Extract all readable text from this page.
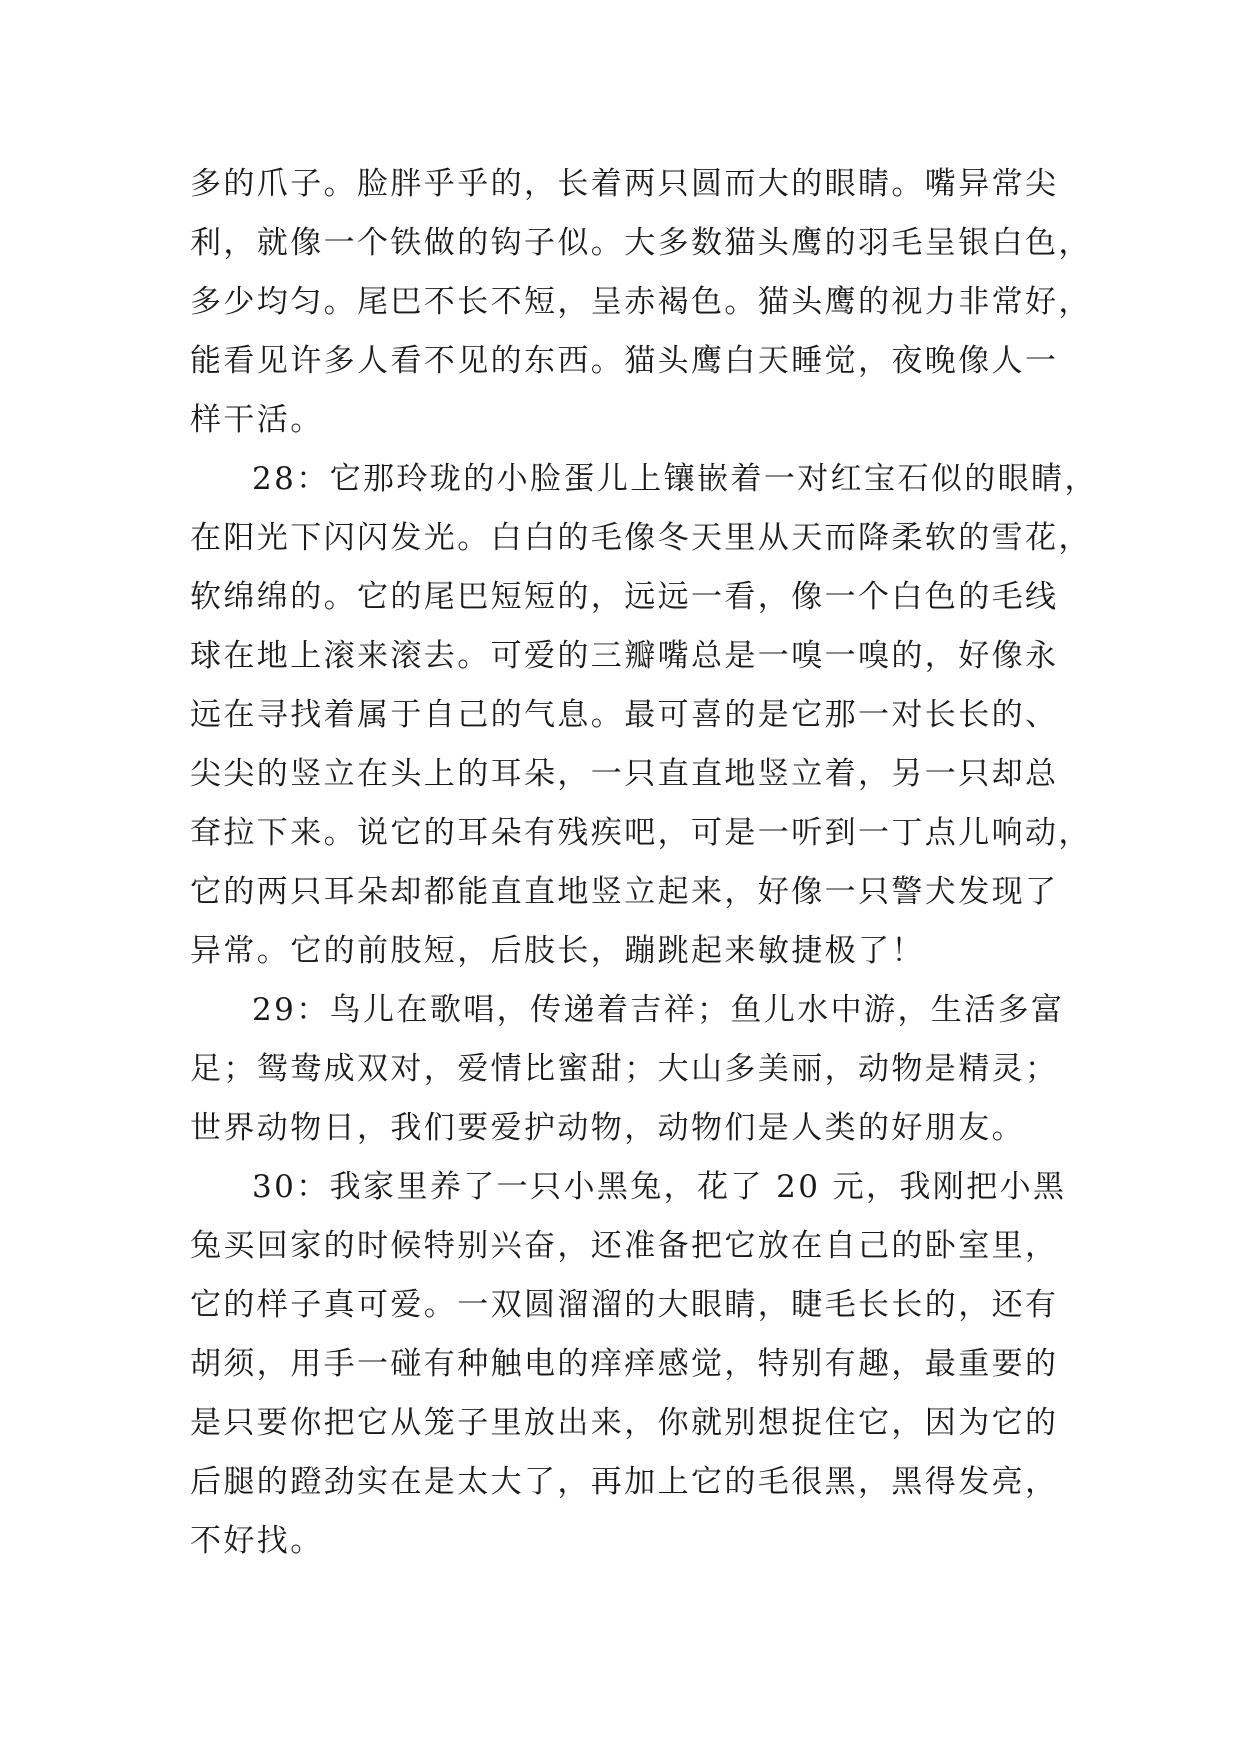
多的爪子。脸胖乎乎的，长着两只圆而大的眼睛。嘴异常尖
利，就像一个铁做的钩子似。大多数猫头鹰的羽毛呈银白色，
多少均匀。尾巴不长不短，呈赤褐色。猫头鹰的视力非常好，
能看见许多人看不见的东西。猫头鹰白天睡觉，夜晚像人一
样干活。
28：它那玲珑的小脸蛋儿上镶嵌着一对红宝石似的眼睛，
在阳光下闪闪发光。白白的毛像冬天里从天而降柔软的雪花，
软绵绵的。它的尾巴短短的，远远一看，像一个白色的毛线
球在地上滚来滚去。可爱的三瓣嘴总是一嗅一嗅的，好像永
远在寻找着属于自己的气息。最可喜的是它那一对长长的、
尖尖的竖立在头上的耳朵，一只直直地竖立着，另一只却总
耷拉下来。说它的耳朵有残疾吧，可是一听到一丁点儿响动，
它的两只耳朵却都能直直地竖立起来，好像一只警犬发现了
异常。它的前肢短，后肢长，蹦跳起来敏捷极了！
29：鸟儿在歌唱，传递着吉祥；鱼儿水中游，生活多富
足；鸳鸯成双对，爱情比蜜甜；大山多美丽，动物是精灵；
世界动物日，我们要爱护动物，动物们是人类的好朋友。
30：我家里养了一只小黑兔，花了 20 元，我刚把小黑
兔买回家的时候特别兴奋，还准备把它放在自己的卧室里，
它的样子真可爱。一双圆溜溜的大眼睛，睫毛长长的，还有
胡须，用手一碰有种触电的痒痒感觉，特别有趣，最重要的
是只要你把它从笼子里放出来，你就别想捉住它，因为它的
后腿的蹬劲实在是太大了，再加上它的毛很黑，黑得发亮，
不好找。
